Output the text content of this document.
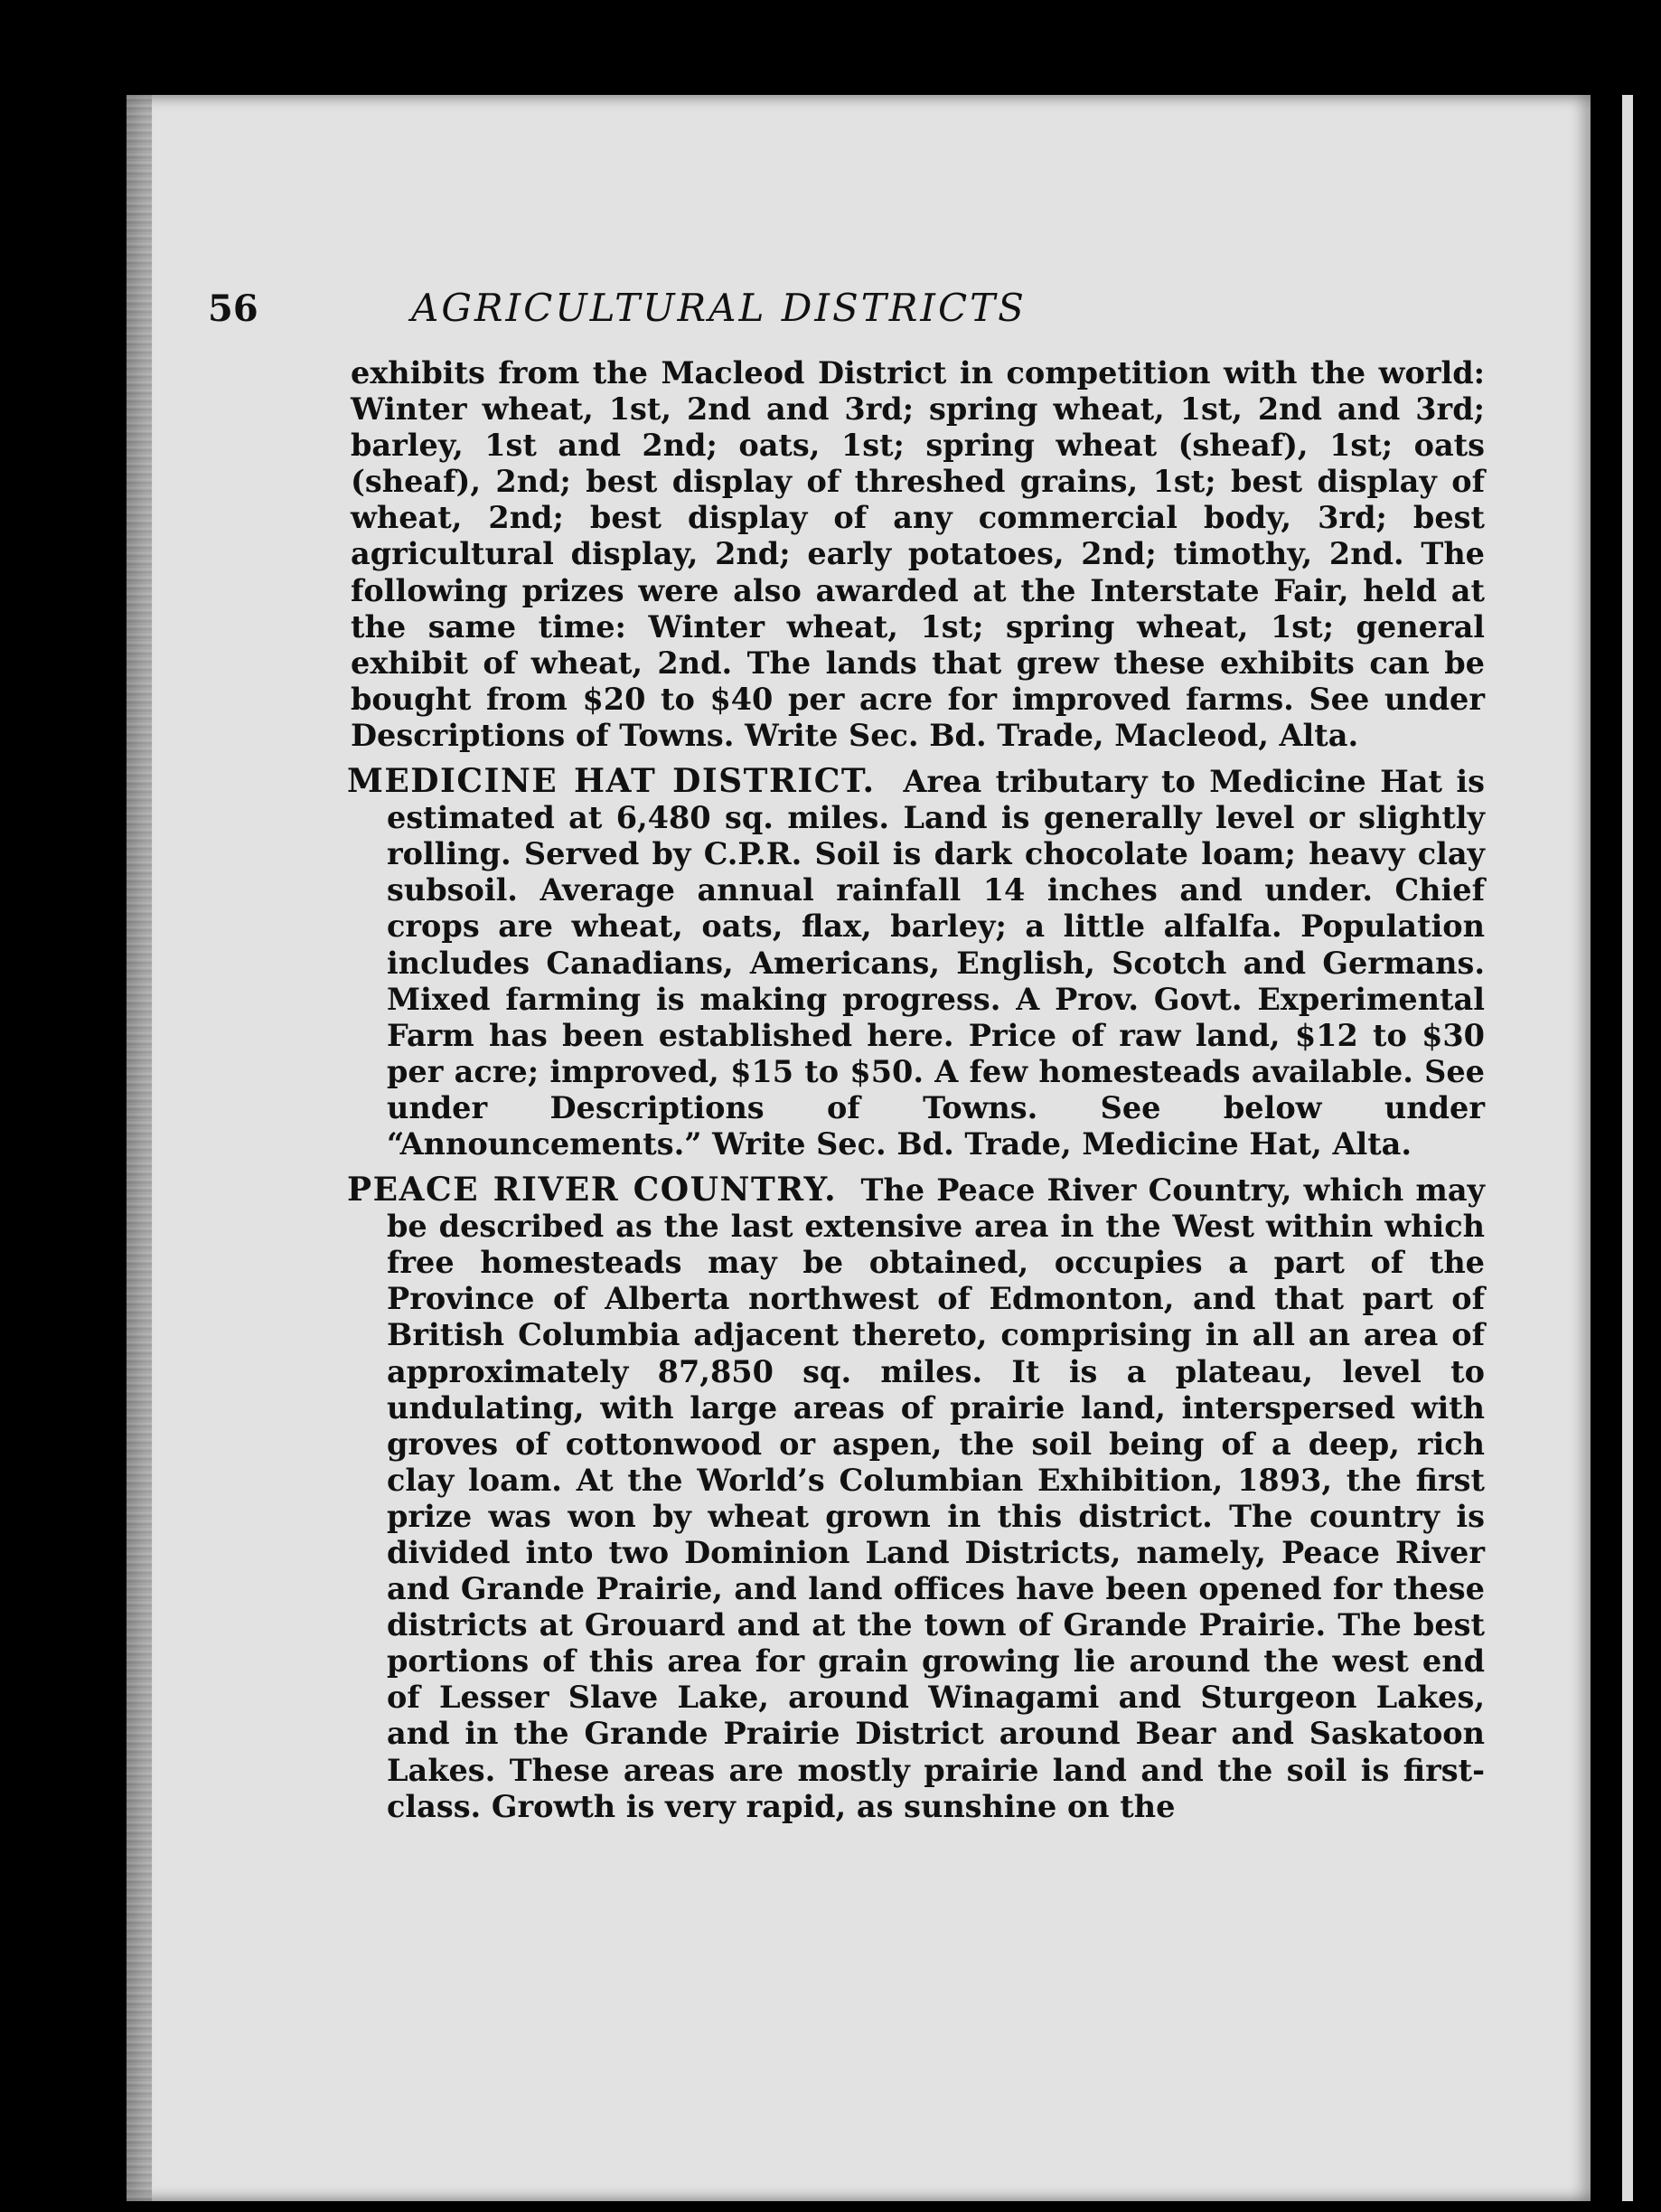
56	AGRICULTURAL DISTRICTS

exhibits from the Macleod District in competition with the world: Winter wheat, 1st, 2nd and 3rd; spring wheat, 1st, 2nd and 3rd; barley, 1st and 2nd; oats, 1st; spring wheat (sheaf), 1st; oats (sheaf), 2nd; best display of threshed grains, 1st; best display of wheat, 2nd; best display of any commercial body, 3rd; best agricultural display, 2nd; early potatoes, 2nd; timothy, 2nd. The following prizes were also awarded at the Interstate Fair, held at the same time: Winter wheat, 1st; spring wheat, 1st; general exhibit of wheat, 2nd. The lands that grew these exhibits can be bought from $20 to $40 per acre for improved farms. See under Descriptions of Towns. Write Sec. Bd. Trade, Macleod, Alta.

MEDICINE HAT DISTRICT. Area tributary to Medicine Hat is estimated at 6,480 sq. miles. Land is generally level or slightly rolling. Served by C.P.R. Soil is dark chocolate loam; heavy clay subsoil. Average annual rainfall 14 inches and under. Chief crops are wheat, oats, flax, barley; a little alfalfa. Population includes Canadians, Americans, English, Scotch and Germans. Mixed farming is making progress. A Prov. Govt. Experimental Farm has been established here. Price of raw land, $12 to $30 per acre; improved, $15 to $50. A few homesteads available. See under Descriptions of Towns. See below under “Announcements.” Write Sec. Bd. Trade, Medicine Hat, Alta.

PEACE RIVER COUNTRY. The Peace River Country, which may be described as the last extensive area in the West within which free homesteads may be obtained, occupies a part of the Province of Alberta northwest of Edmonton, and that part of British Columbia adjacent thereto, comprising in all an area of approximately 87,850 sq. miles. It is a plateau, level to undulating, with large areas of prairie land, interspersed with groves of cottonwood or aspen, the soil being of a deep, rich clay loam. At the World’s Columbian Exhibition, 1893, the first prize was won by wheat grown in this district. The country is divided into two Dominion Land Districts, namely, Peace River and Grande Prairie, and land offices have been opened for these districts at Grouard and at the town of Grande Prairie. The best portions of this area for grain growing lie around the west end of Lesser Slave Lake, around Winagami and Sturgeon Lakes, and in the Grande Prairie District around Bear and Saskatoon Lakes. These areas are mostly prairie land and the soil is first-class. Growth is very rapid, as sunshine on the
